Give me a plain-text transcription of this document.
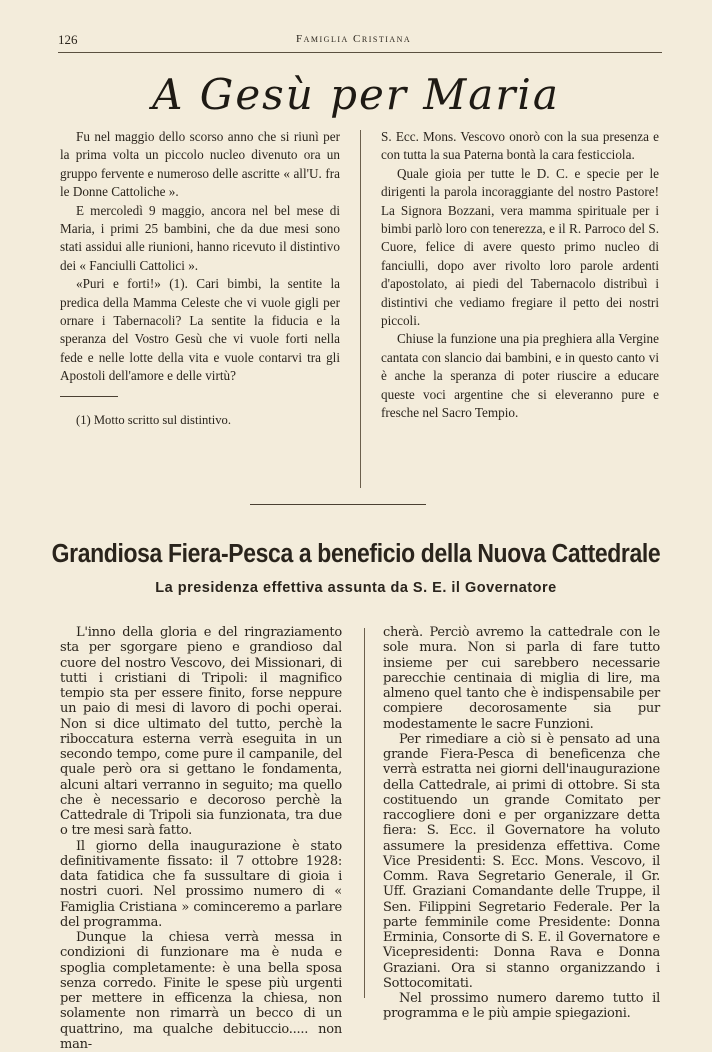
126	Famiglia Cristiana
A Gesù per Maria

Fu nel maggio dello scorso anno che si riunì per la prima volta un piccolo nucleo divenuto ora un gruppo fervente e numeroso delle ascritte « all'U. fra le Donne Cattoliche ».

E mercoledì 9 maggio, ancora nel bel mese di Maria, i primi 25 bambini, che da due mesi sono stati assidui alle riunioni, hanno ricevuto il distintivo dei « Fanciulli Cattolici ».

«Puri e forti!» (1). Cari bimbi, la sentite la predica della Mamma Celeste che vi vuole gigli per ornare i Tabernacoli? La sentite la fiducia e la speranza del Vostro Gesù che vi vuole forti nella fede e nelle lotte della vita e vuole contarvi tra gli Apostoli dell'amore e delle virtù?

(1) Motto scritto sul distintivo.

S. Ecc. Mons. Vescovo onorò con la sua presenza e con tutta la sua Paterna bontà la cara festicciola.

Quale gioia per tutte le D. C. e specie per le dirigenti la parola incoraggiante del nostro Pastore! La Signora Bozzani, vera mamma spirituale per i bimbi parlò loro con tenerezza, e il R. Parroco del S. Cuore, felice di avere questo primo nucleo di fanciulli, dopo aver rivolto loro parole ardenti d'apostolato, ai piedi del Tabernacolo distribuì i distintivi che vediamo fregiare il petto dei nostri piccoli.

Chiuse la funzione una pia preghiera alla Vergine cantata con slancio dai bambini, e in questo canto vi è anche la speranza di poter riuscire a educare queste voci argentine che si eleveranno pure e fresche nel Sacro Tempio.

Grandiosa Fiera-Pesca a beneficio della Nuova Cattedrale
La presidenza effettiva assunta da S. E. il Governatore

L'inno della gloria e del ringraziamento sta per sgorgare pieno e grandioso dal cuore del nostro Vescovo, dei Missionari, di tutti i cristiani di Tripoli: il magnifico tempio sta per essere finito, forse neppure un paio di mesi di lavoro di pochi operai. Non si dice ultimato del tutto, perchè la riboccatura esterna verrà eseguita in un secondo tempo, come pure il campanile, del quale però ora si gettano le fondamenta, alcuni altari verranno in seguito; ma quello che è necessario e decoroso perchè la Cattedrale di Tripoli sia funzionata, tra due o tre mesi sarà fatto.

Il giorno della inaugurazione è stato definitivamente fissato: il 7 ottobre 1928: data fatidica che fa sussultare di gioia i nostri cuori. Nel prossimo numero di « Famiglia Cristiana » cominceremo a parlare del programma.

Dunque la chiesa verrà messa in condizioni di funzionare ma è nuda e spoglia completamente: è una bella sposa senza corredo. Finite le spese più urgenti per mettere in efficenza la chiesa, non solamente non rimarrà un becco di un quattrino, ma qualche debituccio..... non man-

cherà. Perciò avremo la cattedrale con le sole mura. Non si parla di fare tutto insieme per cui sarebbero necessarie parecchie centinaia di miglia di lire, ma almeno quel tanto che è indispensabile per compiere decorosamente sia pur modestamente le sacre Funzioni.

Per rimediare a ciò si è pensato ad una grande Fiera-Pesca di beneficenza che verrà estratta nei giorni dell'inaugurazione della Cattedrale, ai primi di ottobre. Si sta costituendo un grande Comitato per raccogliere doni e per organizzare detta fiera: S. Ecc. il Governatore ha voluto assumere la presidenza effettiva. Come Vice Presidenti: S. Ecc. Mons. Vescovo, il Comm. Rava Segretario Generale, il Gr. Uff. Graziani Comandante delle Truppe, il Sen. Filippini Segretario Federale. Per la parte femminile come Presidente: Donna Erminia, Consorte di S. E. il Governatore e Vicepresidenti: Donna Rava e Donna Graziani. Ora si stanno organizzando i Sottocomitati.

Nel prossimo numero daremo tutto il programma e le più ampie spiegazioni.
